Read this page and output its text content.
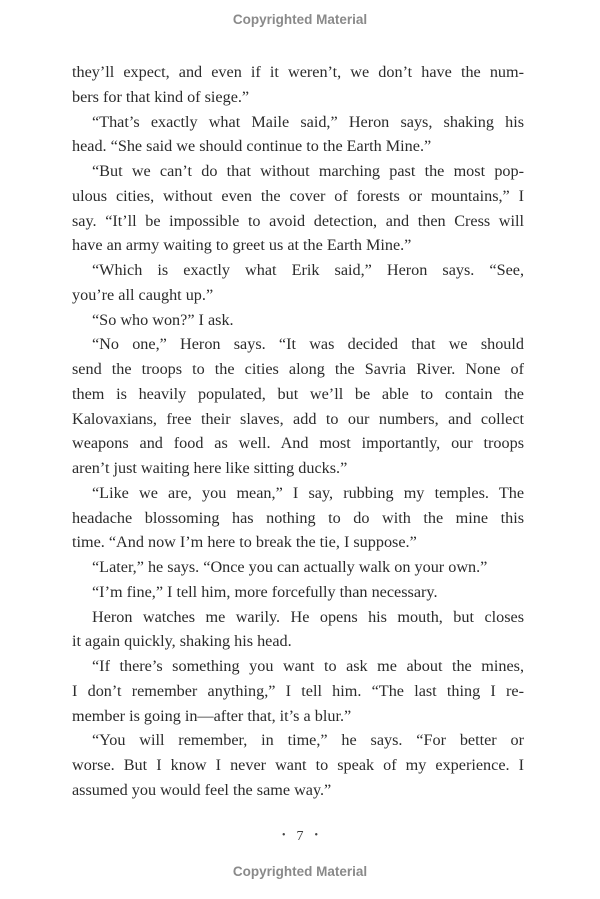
Copyrighted Material
they’ll expect, and even if it weren’t, we don’t have the num-
bers for that kind of siege.”
“That’s exactly what Maile said,” Heron says, shaking his
head. “She said we should continue to the Earth Mine.”
“But we can’t do that without marching past the most pop-
ulous cities, without even the cover of forests or mountains,” I
say. “It’ll be impossible to avoid detection, and then Cress will
have an army waiting to greet us at the Earth Mine.”
“Which is exactly what Erik said,” Heron says. “See,
you’re all caught up.”
“So who won?” I ask.
“No one,” Heron says. “It was decided that we should
send the troops to the cities along the Savria River. None of
them is heavily populated, but we’ll be able to contain the
Kalovaxians, free their slaves, add to our numbers, and collect
weapons and food as well. And most importantly, our troops
aren’t just waiting here like sitting ducks.”
“Like we are, you mean,” I say, rubbing my temples. The
headache blossoming has nothing to do with the mine this
time. “And now I’m here to break the tie, I suppose.”
“Later,” he says. “Once you can actually walk on your own.”
“I’m fine,” I tell him, more forcefully than necessary.
Heron watches me warily. He opens his mouth, but closes
it again quickly, shaking his head.
“If there’s something you want to ask me about the mines,
I don’t remember anything,” I tell him. “The last thing I re-
member is going in—after that, it’s a blur.”
“You will remember, in time,” he says. “For better or
worse. But I know I never want to speak of my experience. I
assumed you would feel the same way.”
• 7 •
Copyrighted Material
